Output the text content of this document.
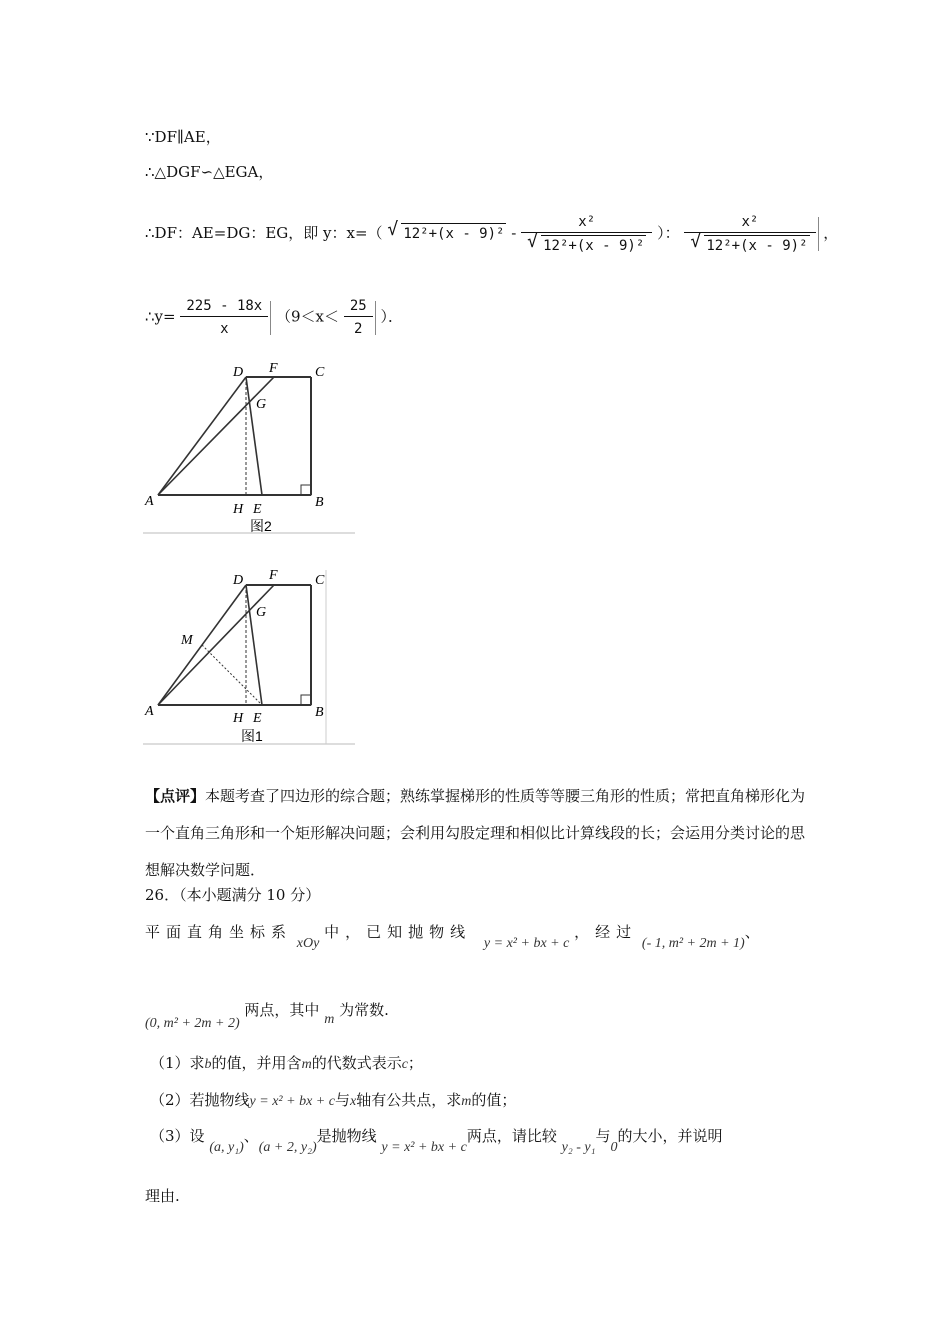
∵DF∥AE，
∴△DGF∽△EGA，
∴DF：AE=DG：EG，即 y：x=（ √ 12²+(x - 9)² - x²
√ 12²+(x - 9)² ）： x²
√ 12²+(x - 9)² ，
∴y= $\frac{225 - 18x}{x} (9<x< \frac{25}{2}$ ）．
A	B
C
D F
G
H E
图2
A	B
C
D F
G
M
H E
图1
【点评】本题考查了四边形的综合题；熟练掌握梯形的性质等等腰三角形的性质；常把直角梯形化为一个直角三角形和一个矩形解决问题；会利用勾股定理和相似比计算线段的长；会运用分类讨论的思想解决数学问题．
26．（本小题满分 10 分）
平面直角坐标系 xOy 中，已知抛物线 y = x² + bx + c ，经过 (- 1, m² + 2m + 1)、
(0, m² + 2m + 2) 两点，其中 m 为常数.
（1）求b的值，并用含m的代数式表示c；
（2）若抛物线y = x² + bx + c与x轴有公共点，求m的值；
（3）设 (a, y₁)、(a + 2, y₂)是抛物线 y = x² + bx + c两点，请比较 y₂ - y₁与0的大小，并说明
理由.
